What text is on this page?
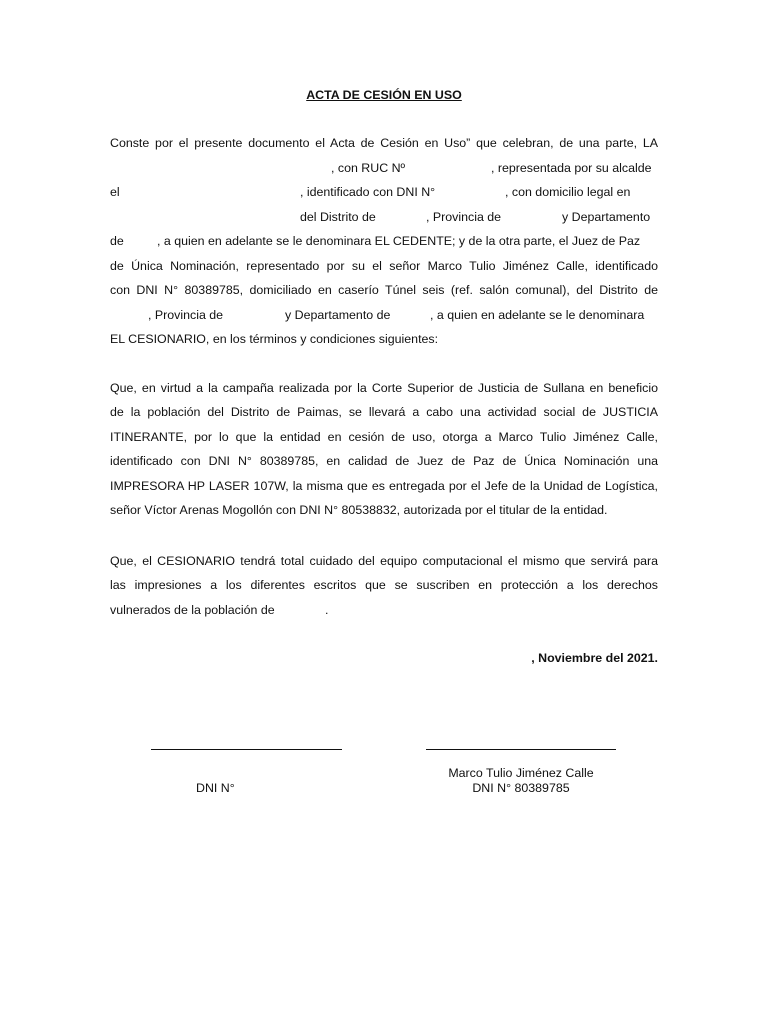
ACTA DE CESIÓN EN USO
Conste por el presente documento el Acta de Cesión en Uso” que celebran, de una parte, LA
, con RUC Nº	, representada por su alcalde
el	, identificado con DNI N°	, con domicilio legal en
del Distrito de	, Provincia de	y Departamento
de	, a quien en adelante se le denominara EL CEDENTE; y de la otra parte, el Juez de Paz
de Única Nominación, representado por su el señor Marco Tulio Jiménez Calle, identificado
con DNI N° 80389785, domiciliado en caserío Túnel seis (ref. salón comunal), del Distrito de
, Provincia de	y Departamento de	, a quien en adelante se le denominara
EL CESIONARIO, en los términos y condiciones siguientes:
Que, en virtud a la campaña realizada por la Corte Superior de Justicia de Sullana en beneficio
de la población del Distrito de Paimas, se llevará a cabo una actividad social de JUSTICIA
ITINERANTE, por lo que la entidad en cesión de uso, otorga a Marco Tulio Jiménez Calle,
identificado con DNI N° 80389785, en calidad de Juez de Paz de Única Nominación una
IMPRESORA HP LASER 107W, la misma que es entregada por el Jefe de la Unidad de Logística,
señor Víctor Arenas Mogollón con DNI N° 80538832, autorizada por el titular de la entidad.
Que, el CESIONARIO tendrá total cuidado del equipo computacional el mismo que servirá para
las impresiones a los diferentes escritos que se suscriben en protección a los derechos
vulnerados de la población de	.
, Noviembre del 2021.
Marco Tulio Jiménez Calle
DNI N°	DNI N° 80389785
